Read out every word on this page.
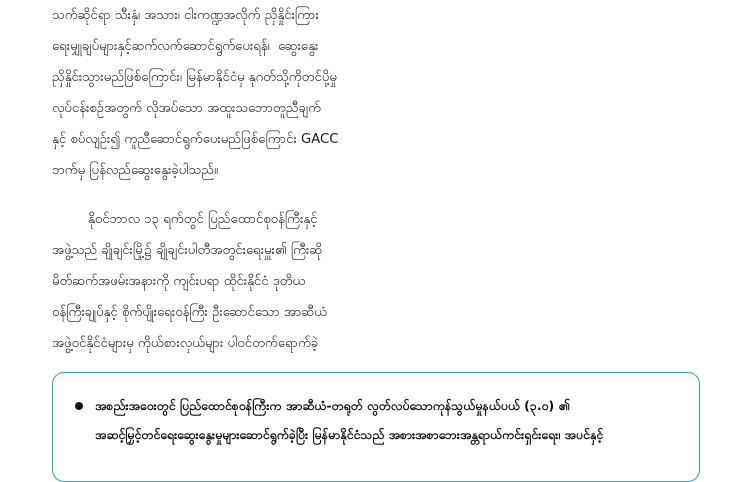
သက်ဆိုင်ရာ သီးနှံ၊ အသား၊ ငါးကဏ္ဍအလိုက် ညှိနှိုင်းကြား
ရေးမျှုချပ်များနှင့်ဆက်လက်ဆောင်ရွက်ပေးရန်၊  ဆွေးနွေး
ညှိနှိုင်းသွားမည်ဖြစ်ကြောင်း၊ မြန်မာနိုင်ငံမှ နုဂတ်သို့ကိုတင်ပို့မှု
လုပ်ငန်းစဉ်အတွက် လိုအပ်သော အထူးသဘောတူညီချက်
နှင့် စပ်လျဉ်း၍ ကူညီဆောင်ရွက်ပေးမည်ဖြစ်ကြောင်း GACC
ဘက်မှ ပြန်လည်ဆွေးနွေးခဲ့ပါသည်။
နိုဝင်ဘာလ ၁၃ ရက်တွင် ပြည်ထောင်စုဝန်ကြီးနှင့်
အဖွဲ့သည် ချိုချင်းမြို့၌ ချိုချင်းပါတီအတွင်းရေးမှူး၏ ကြီးဆို
မိတ်ဆက်အဖမ်းအနားကို ကျင်းပရာ ထိုင်းနိုင်ငံ ဒုတိယ
ဝန်ကြီးချုပ်နှင့် စိုက်ပျိုးရေးဝန်ကြီး ဦးဆောင်သော အာဆီယံ
အဖွဲ့ဝင်နိုင်ငံများမှ ကိုယ်စားလှယ်များ ပါဝင်တက်ရောက်ခဲ့
အစည်းအဝေးတွင် ပြည်ထောင်စုဝန်ကြီးက အာဆီယံ-တရုတ် လွတ်လပ်သောကုန်သွယ်မှုနယ်ပယ် (၃.၀) ၏
အဆင့်မြှင့်တင်ရေးဆွေးနွေးမှုများဆောင်ရွက်ခဲ့ပြီး မြန်မာနိုင်ငံသည် အစားအစာဘေးအန္တရာယ်ကင်းရှင်းရေး၊ အပင်နှင့်
